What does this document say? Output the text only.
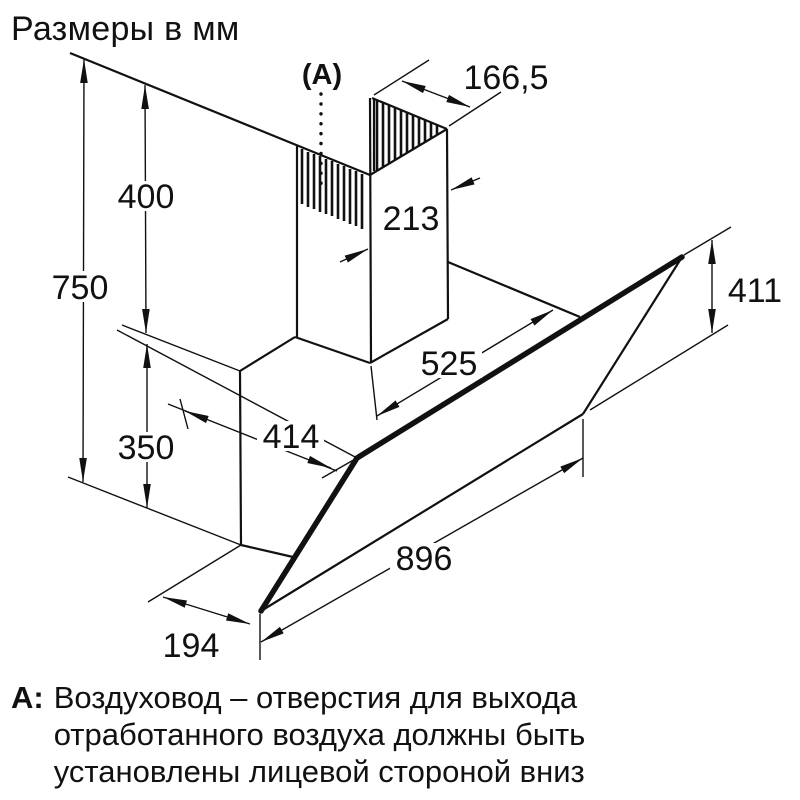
Размеры в мм
(A)	166,5
213
750
400
350	414
525
411
896
194
A: Воздуховод – отверстия для выхода
отработанного воздуха должны быть
установлены лицевой стороной вниз
